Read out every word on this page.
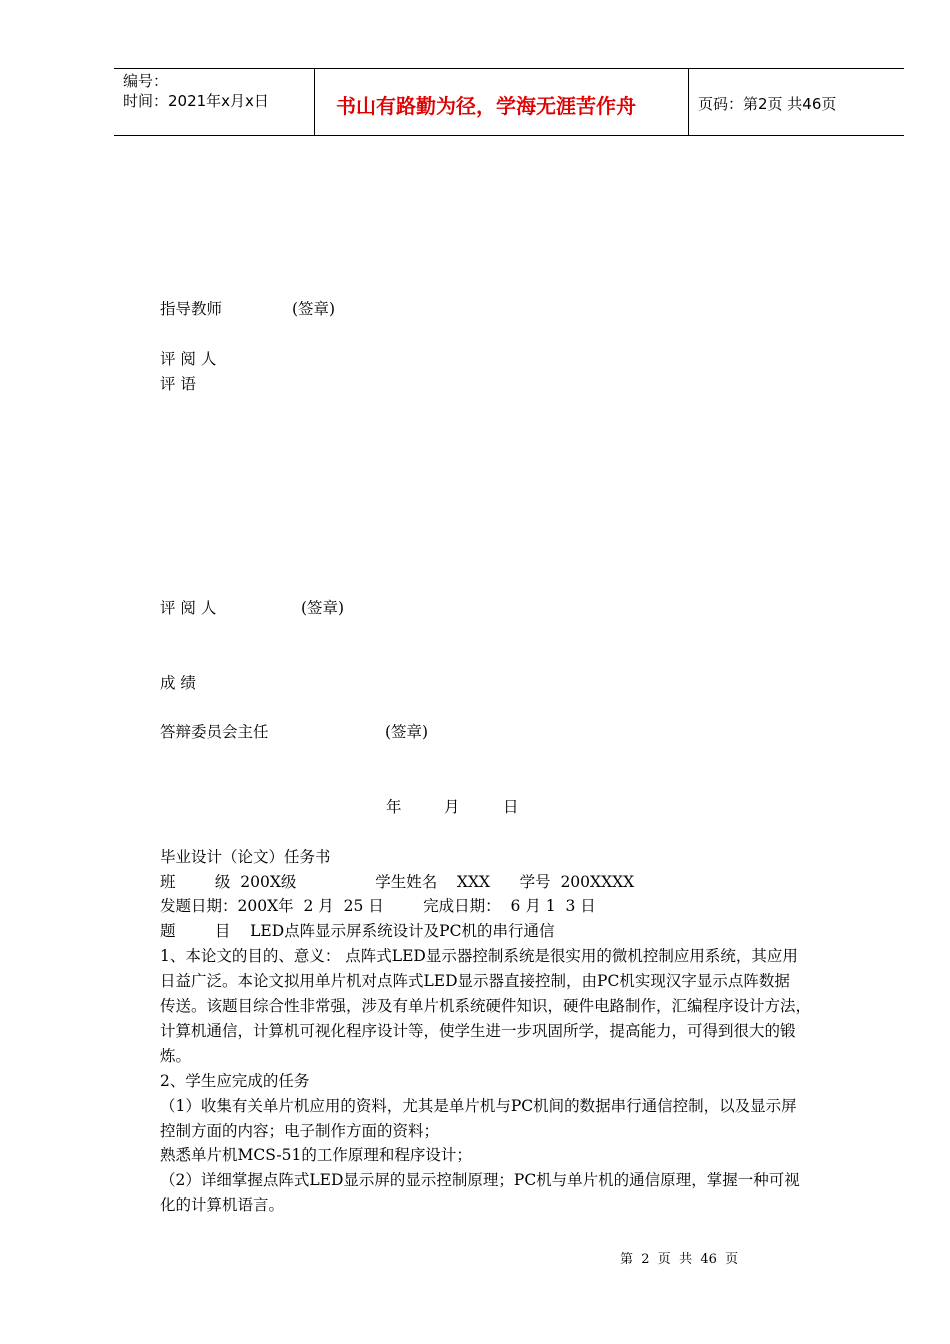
编号：
时间：2021年x月x日	书山有路勤为径，学海无涯苦作舟	页码：第2页 共46页
指导教师	(签章)
评 阅 人
评 语
评 阅 人	(签章)
成 绩
答辩委员会主任	(签章)
年	月	日
毕业设计（论文）任务书
班        级  200X级                学生姓名    XXX      学号  200XXXX
发题日期：200X年  2 月  25 日        完成日期：  6 月 1  3 日
题        目    LED点阵显示屏系统设计及PC机的串行通信
1、本论文的目的、意义： 点阵式LED显示器控制系统是很实用的微机控制应用系统，其应用
日益广泛。本论文拟用单片机对点阵式LED显示器直接控制，由PC机实现汉字显示点阵数据
传送。该题目综合性非常强，涉及有单片机系统硬件知识，硬件电路制作，汇编程序设计方法，
计算机通信，计算机可视化程序设计等，使学生进一步巩固所学，提高能力，可得到很大的锻
炼。
2、学生应完成的任务
（1）收集有关单片机应用的资料，尤其是单片机与PC机间的数据串行通信控制，以及显示屏
控制方面的内容；电子制作方面的资料；
熟悉单片机MCS-51的工作原理和程序设计；
（2）详细掌握点阵式LED显示屏的显示控制原理；PC机与单片机的通信原理，掌握一种可视
化的计算机语言。
第  2  页  共  46  页
